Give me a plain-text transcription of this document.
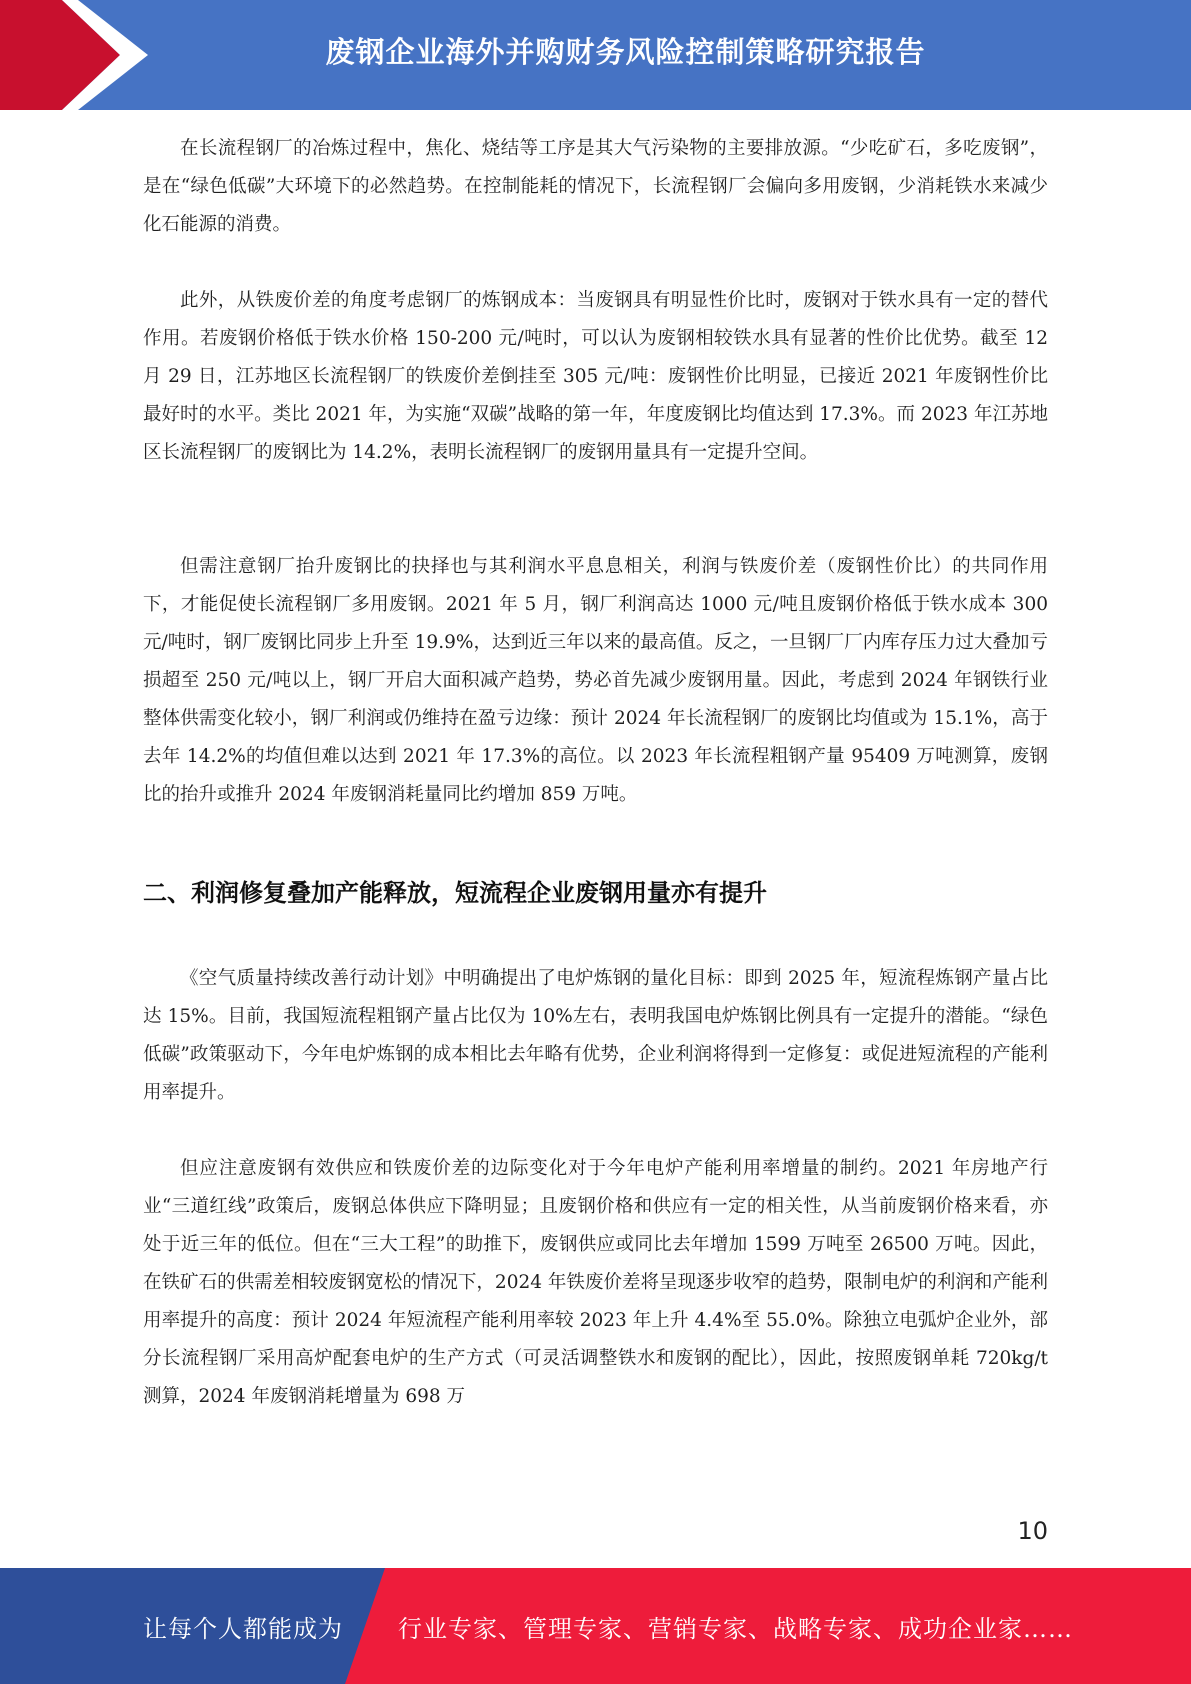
废钢企业海外并购财务风险控制策略研究报告

在长流程钢厂的冶炼过程中，焦化、烧结等工序是其大气污染物的主要排放源。“少吃矿石，多吃废钢”，是在“绿色低碳”大环境下的必然趋势。在控制能耗的情况下，长流程钢厂会偏向多用废钢，少消耗铁水来减少化石能源的消费。

此外，从铁废价差的角度考虑钢厂的炼钢成本：当废钢具有明显性价比时，废钢对于铁水具有一定的替代作用。若废钢价格低于铁水价格 150-200 元/吨时，可以认为废钢相较铁水具有显著的性价比优势。截至 12 月 29 日，江苏地区长流程钢厂的铁废价差倒挂至 305 元/吨：废钢性价比明显，已接近 2021 年废钢性价比最好时的水平。类比 2021 年，为实施“双碳”战略的第一年，年度废钢比均值达到 17.3%。而 2023 年江苏地区长流程钢厂的废钢比为 14.2%，表明长流程钢厂的废钢用量具有一定提升空间。

但需注意钢厂抬升废钢比的抉择也与其利润水平息息相关，利润与铁废价差（废钢性价比）的共同作用下，才能促使长流程钢厂多用废钢。2021 年 5 月，钢厂利润高达 1000 元/吨且废钢价格低于铁水成本 300 元/吨时，钢厂废钢比同步上升至 19.9%，达到近三年以来的最高值。反之，一旦钢厂厂内库存压力过大叠加亏损超至 250 元/吨以上，钢厂开启大面积减产趋势，势必首先减少废钢用量。因此，考虑到 2024 年钢铁行业整体供需变化较小，钢厂利润或仍维持在盈亏边缘：预计 2024 年长流程钢厂的废钢比均值或为 15.1%，高于去年 14.2%的均值但难以达到 2021 年 17.3%的高位。以 2023 年长流程粗钢产量 95409 万吨测算，废钢比的抬升或推升 2024 年废钢消耗量同比约增加 859 万吨。

二、利润修复叠加产能释放，短流程企业废钢用量亦有提升

《空气质量持续改善行动计划》中明确提出了电炉炼钢的量化目标：即到 2025 年，短流程炼钢产量占比达 15%。目前，我国短流程粗钢产量占比仅为 10%左右，表明我国电炉炼钢比例具有一定提升的潜能。“绿色低碳”政策驱动下，今年电炉炼钢的成本相比去年略有优势，企业利润将得到一定修复：或促进短流程的产能利用率提升。

但应注意废钢有效供应和铁废价差的边际变化对于今年电炉产能利用率增量的制约。2021 年房地产行业“三道红线”政策后，废钢总体供应下降明显；且废钢价格和供应有一定的相关性，从当前废钢价格来看，亦处于近三年的低位。但在“三大工程”的助推下，废钢供应或同比去年增加 1599 万吨至 26500 万吨。因此，在铁矿石的供需差相较废钢宽松的情况下，2024 年铁废价差将呈现逐步收窄的趋势，限制电炉的利润和产能利用率提升的高度：预计 2024 年短流程产能利用率较 2023 年上升 4.4%至 55.0%。除独立电弧炉企业外，部分长流程钢厂采用高炉配套电炉的生产方式（可灵活调整铁水和废钢的配比），因此，按照废钢单耗 720kg/t 测算，2024 年废钢消耗增量为 698 万

10
让每个人都能成为 行业专家、管理专家、营销专家、战略专家、成功企业家……
